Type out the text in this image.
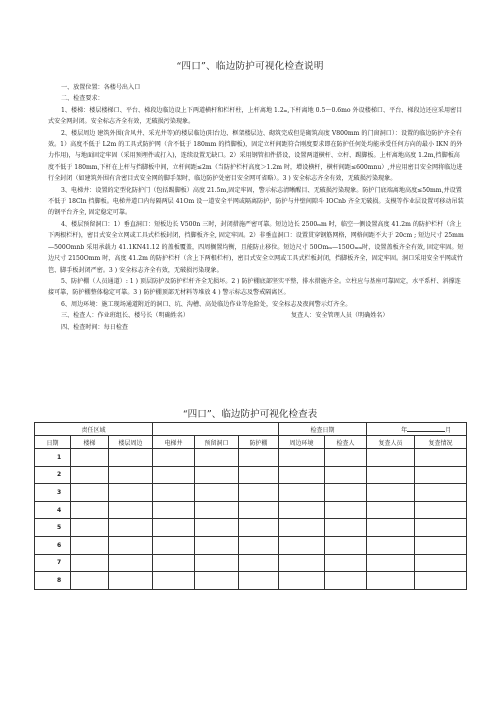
“四口”、临边防护可视化检查说明

一、放置位置：各楼号出入口

二、检查要求：

1、楼梯：楼层楼梯口、平台、梯段边临边设上下两道横杆和栏杆柱，上杆离地 1.2ₘ,下杆离地 0.5～0.6mo 外设楼梯口、平台、梯段边还应采用密目式安全网封闭。安全标志齐全有效，无破损污染现象。

2、楼层周边 建筑外围(含风井、采光井等)的楼层临边(阳台边、框架楼层边、砌筑完成但是砌筑高度 V800mm 的门窗洞口）：设置的临边防护齐全有效。1）高度不低于 L2m 的工具式防护网（含不低于 180mm 的挡脚板)，固定立杆间距符合刚度要求即在防护任何处均能承受任何方向的最小 IKN 的外力作用)，与地面固定牢固（采用预埋件或打入)，连续设置无缺口。2）采用钢管扣件搭设，设置两道横杆、立杆、踢脚板。上杆离地高度 1.2m,挡脚板高度不低于 180mm,下杆在上杆与挡脚板中间，立杆间距≤2m（当防护栏杆高度＞1.2m 时，增设横杆，横杆间距≤600mnu）,并应用密目安全网将临边进行全封闭（如建筑外围有含密目式安全网的脚手架时，临边防护处密目安全网可省略）。3 ) 安全标志齐全有效，无破损污染现象。

3、电梯井：设置的定型化防护门（包括踢脚板）高度 21.5m,固定牢固，警示标志清晰醒目、无破损污染现象。防护门底端离地高度≤50mm,并设置不低于 18Cln 挡脚板。电梯井道口内每隔两层 41Om 设一道安全平网或隔离防护，防护与井壁间隙斗 IOCnb 齐全无破损。支模等作业层设置可移动吊装的钢平台齐全, 固定稳定可靠。

4、楼层预留洞口：1）垂直洞口：短板边长 V500n 三时，封闭措施严密可靠。短边边长 2500ₘm 时，临空一侧设置高度 41.2m 的防护栏杆（含上下两根栏杆)，密目式安全立网或工具式栏板封闭，挡脚板齐全, 固定牢固。2）非垂直洞口：设置贯穿钢筋网格，网格间距不大于 20cm ; 短边尺寸 25mm—500Omnb 采用承载力 41.1KN41.12 的盖板覆盖，四周搁置均衡，且能防止移位。短边尺寸 50Omₘ—150Oₘₘ时，设置盖板齐全有效, 固定牢固。短边尺寸 2150Omm 时，高度 41.2m 的防护栏杆（含上下两根栏杆)，密目式安全立网或工具式栏板封闭，挡脚板齐全，固定牢固。洞口采用安全平网或竹笆、脚手板封闭严密。3 ) 安全标志齐全有效，无破损污染现象。

5、防护棚（人员通道）: 1 ) 顶层防护及防护栏杆齐全无损坏。2 ) 防护棚底部坚实平整，排水措施齐全。立柱应与基座可靠固定，水平系杆、斜撑连接可靠，防护棚整体稳定可靠。3 ) 防护棚顶部无材料等堆放 4 ) 警示标志及警戒隔离区。

6、周边环境：施工现场通道附近的洞口、坑、沟槽、高处临边作业等危险处，安全标志及夜间警示灯齐全。

三、检查人：作业班组长、楼号长（明确姓名）	复查人：安全管理人员（明确姓名）

四、检查时间：每日检查

“四口”、临边防护可视化检查表
责任区域						检查日期		年 月	
日期	楼梯	楼层周边	电梯井	预留洞口	防护棚	周边环境	检查人	复查人员	复查情况
1									
2									
3									
4									
5									
6									
7									
8									
